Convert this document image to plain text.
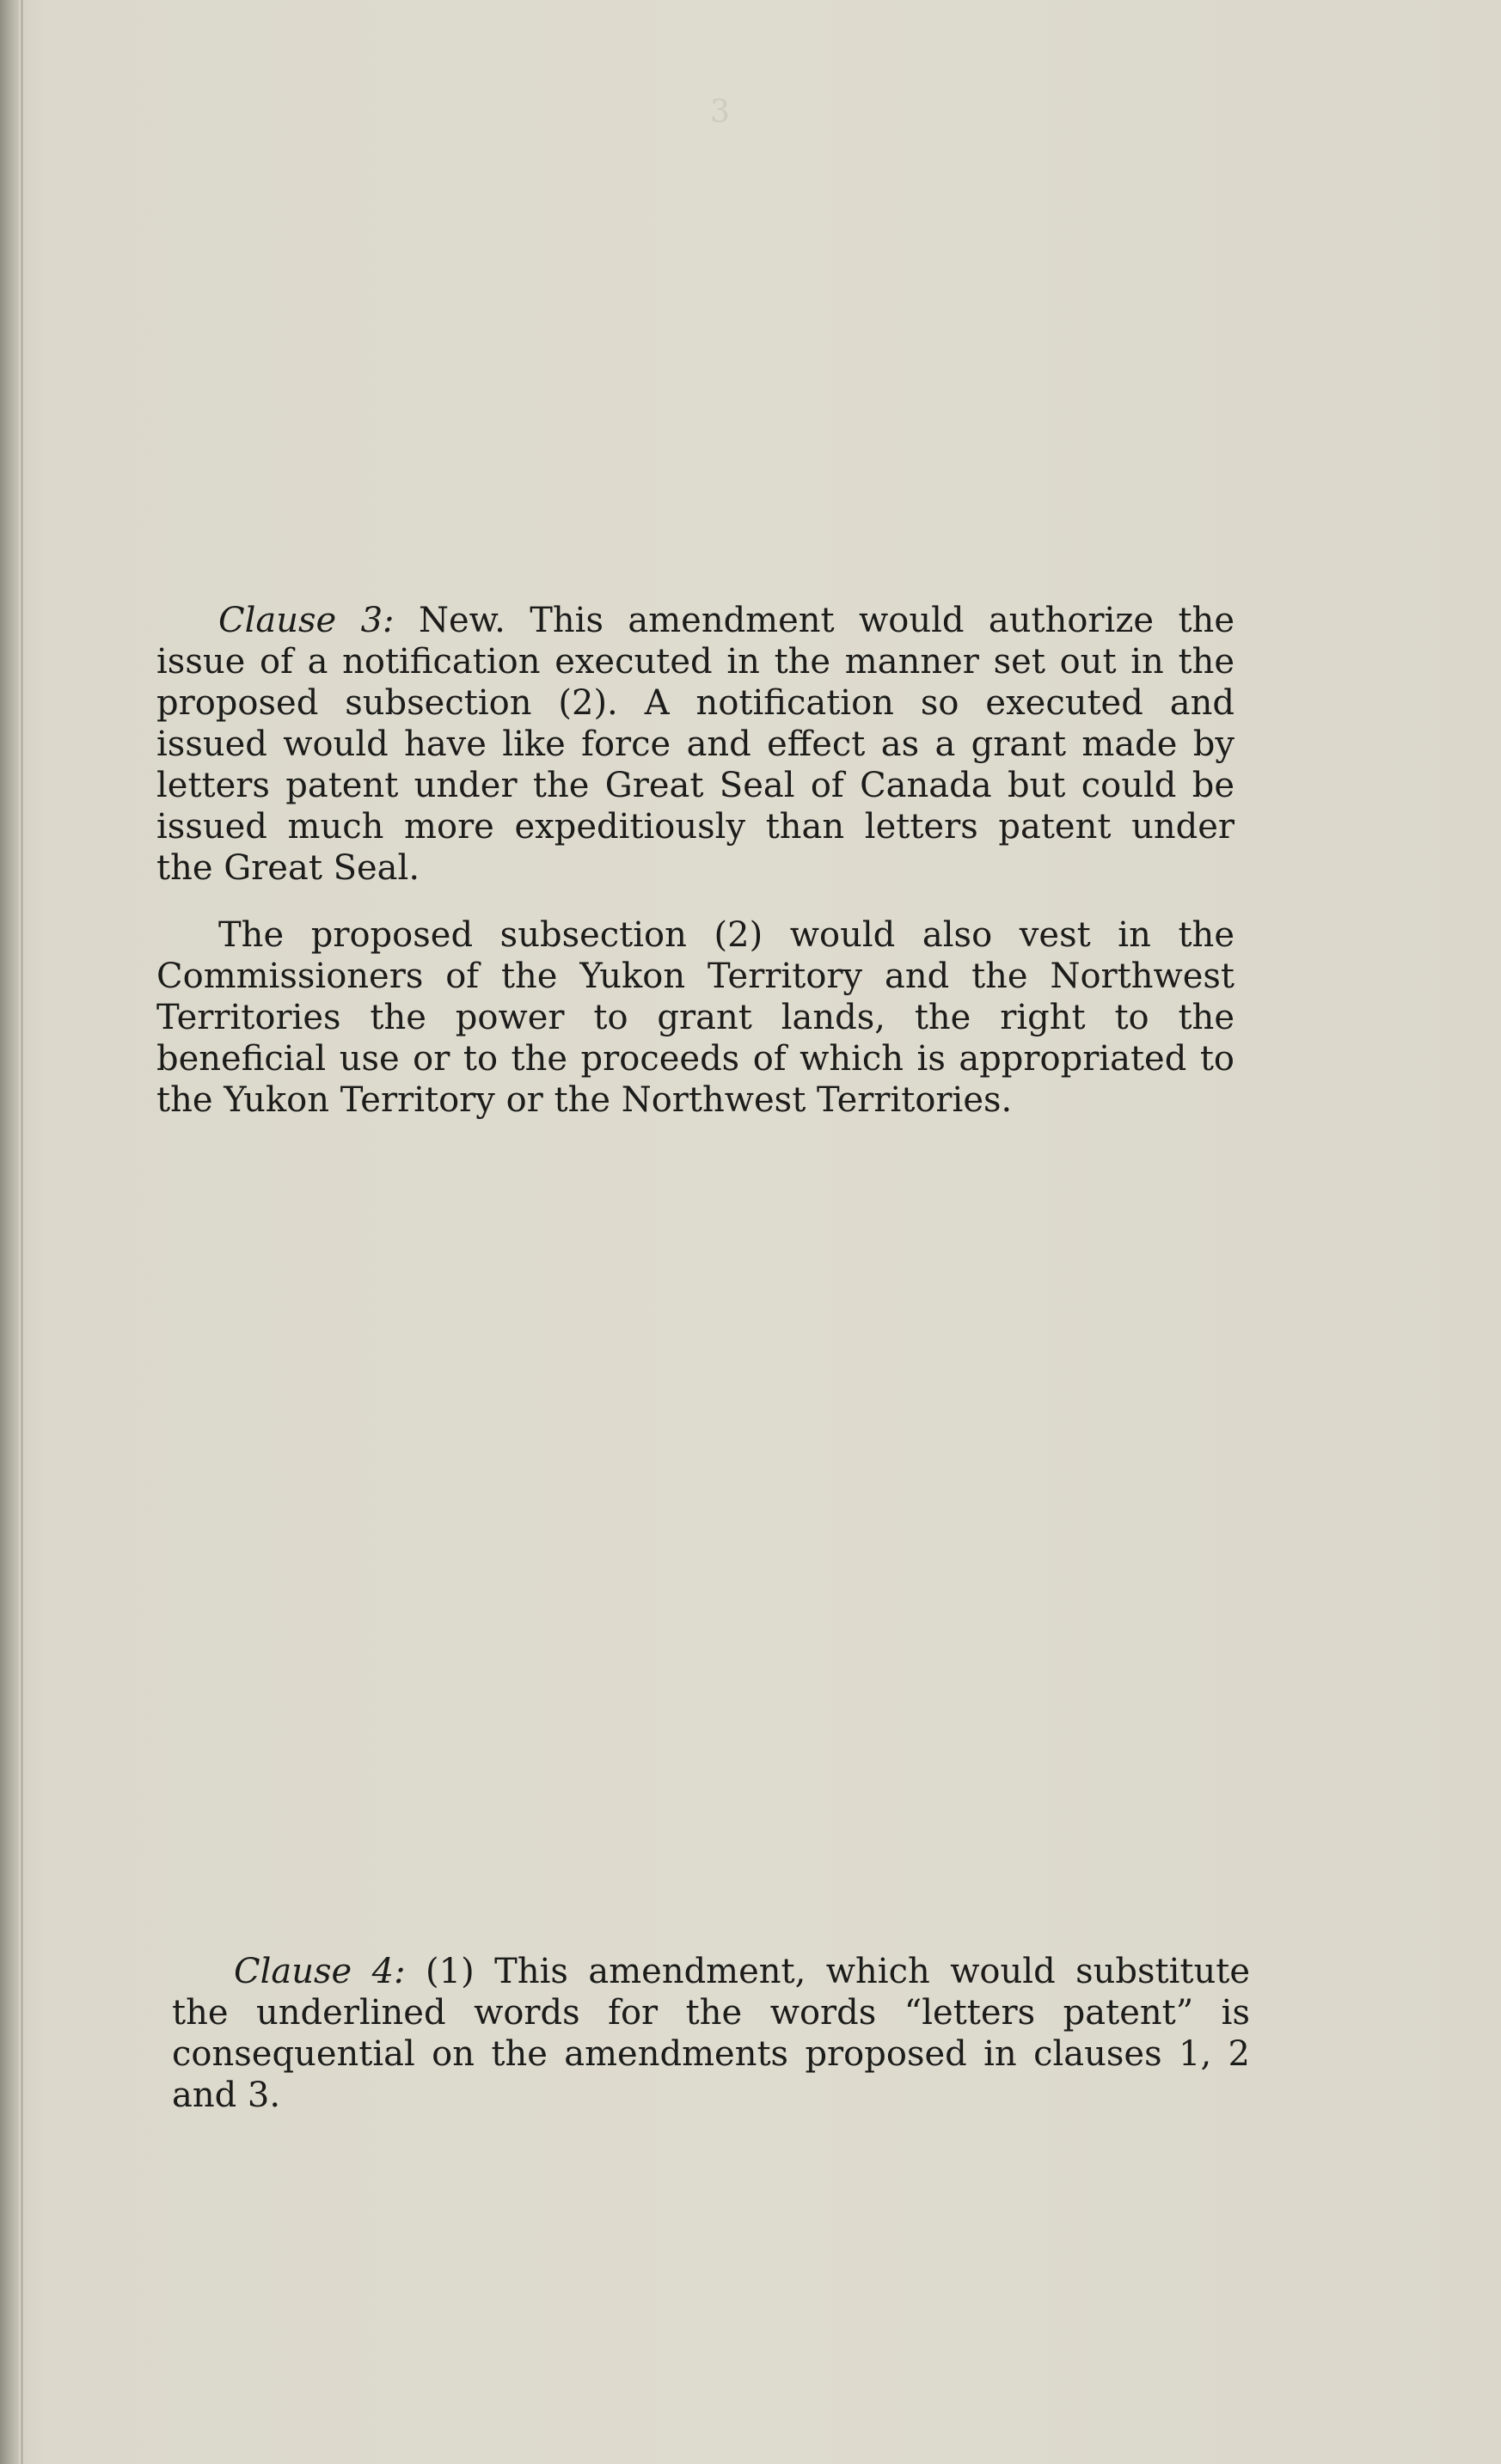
3

Clause 3: New. This amendment would authorize the issue of a notification executed in the manner set out in the proposed subsection (2). A notification so executed and issued would have like force and effect as a grant made by letters patent under the Great Seal of Canada but could be issued much more expeditiously than letters patent under the Great Seal.

The proposed subsection (2) would also vest in the Commissioners of the Yukon Territory and the Northwest Territories the power to grant lands, the right to the beneficial use or to the proceeds of which is appropriated to the Yukon Territory or the Northwest Territories.

Clause 4: (1) This amendment, which would substitute the underlined words for the words “letters patent” is consequential on the amendments proposed in clauses 1, 2 and 3.
